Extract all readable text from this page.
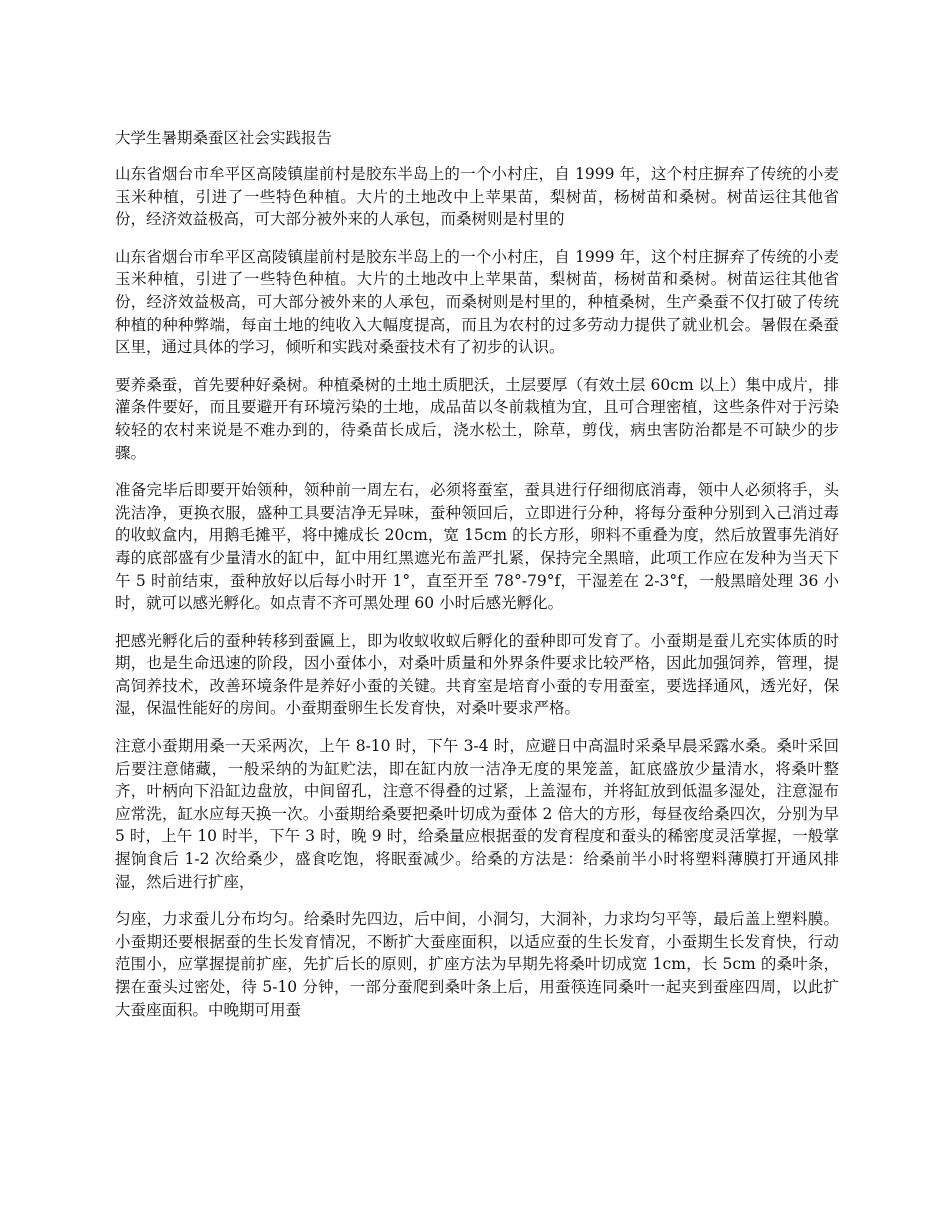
大学生暑期桑蚕区社会实践报告

山东省烟台市牟平区高陵镇崖前村是胶东半岛上的一个小村庄，自 1999 年，这个村庄摒弃了传统的小麦玉米种植，引进了一些特色种植。大片的土地改中上苹果苗，梨树苗，杨树苗和桑树。树苗运往其他省份，经济效益极高，可大部分被外来的人承包，而桑树则是村里的

山东省烟台市牟平区高陵镇崖前村是胶东半岛上的一个小村庄，自 1999 年，这个村庄摒弃了传统的小麦玉米种植，引进了一些特色种植。大片的土地改中上苹果苗，梨树苗，杨树苗和桑树。树苗运往其他省份，经济效益极高，可大部分被外来的人承包，而桑树则是村里的，种植桑树，生产桑蚕不仅打破了传统种植的种种弊端，每亩土地的纯收入大幅度提高，而且为农村的过多劳动力提供了就业机会。暑假在桑蚕区里，通过具体的学习，倾听和实践对桑蚕技术有了初步的认识。

要养桑蚕，首先要种好桑树。种植桑树的土地土质肥沃，土层要厚（有效土层 60cm 以上）集中成片，排灌条件要好，而且要避开有环境污染的土地，成品苗以冬前栽植为宜，且可合理密植，这些条件对于污染较轻的农村来说是不难办到的，待桑苗长成后，浇水松土，除草，剪伐，病虫害防治都是不可缺少的步骤。

准备完毕后即要开始领种，领种前一周左右，必须将蚕室，蚕具进行仔细彻底消毒，领中人必须将手，头洗洁净，更换衣服，盛种工具要洁净无异味，蚕种领回后，立即进行分种，将每分蚕种分别到入己消过毒的收蚁盒内，用鹅毛摊平，将中摊成长 20cm，宽 15cm 的长方形，卵料不重叠为度，然后放置事先消好毒的底部盛有少量清水的缸中，缸中用红黑遮光布盖严扎紧，保持完全黑暗，此项工作应在发种为当天下午 5 时前结束，蚕种放好以后每小时开 1°，直至开至 78°-79°f，干湿差在 2-3°f，一般黑暗处理 36 小时，就可以感光孵化。如点青不齐可黑处理 60 小时后感光孵化。

把感光孵化后的蚕种转移到蚕匾上，即为收蚁收蚁后孵化的蚕种即可发育了。小蚕期是蚕儿充实体质的时期，也是生命迅速的阶段，因小蚕体小，对桑叶质量和外界条件要求比较严格，因此加强饲养，管理，提高饲养技术，改善环境条件是养好小蚕的关键。共育室是培育小蚕的专用蚕室，要选择通风，透光好，保湿，保温性能好的房间。小蚕期蚕卵生长发育快，对桑叶要求严格。

注意小蚕期用桑一天采两次，上午 8-10 时，下午 3-4 时，应避日中高温时采桑早晨采露水桑。桑叶采回后要注意储藏，一般采纳的为缸贮法，即在缸内放一洁净无度的果笼盖，缸底盛放少量清水，将桑叶整齐，叶柄向下沿缸边盘放，中间留孔，注意不得叠的过紧，上盖湿布，并将缸放到低温多湿处，注意湿布应常洗，缸水应每天换一次。小蚕期给桑要把桑叶切成为蚕体 2 倍大的方形，每昼夜给桑四次，分别为早 5 时，上午 10 时半，下午 3 时，晚 9 时，给桑量应根据蚕的发育程度和蚕头的稀密度灵活掌握，一般掌握饷食后 1-2 次给桑少，盛食吃饱，将眠蚕减少。给桑的方法是：给桑前半小时将塑料薄膜打开通风排湿，然后进行扩座，

匀座，力求蚕儿分布均匀。给桑时先四边，后中间，小洞匀，大洞补，力求均匀平等，最后盖上塑料膜。小蚕期还要根据蚕的生长发育情况，不断扩大蚕座面积，以适应蚕的生长发育，小蚕期生长发育快，行动范围小，应掌握提前扩座，先扩后长的原则，扩座方法为早期先将桑叶切成宽 1cm，长 5cm 的桑叶条，摆在蚕头过密处，待 5-10 分钟，一部分蚕爬到桑叶条上后，用蚕筷连同桑叶一起夹到蚕座四周，以此扩大蚕座面积。中晚期可用蚕
